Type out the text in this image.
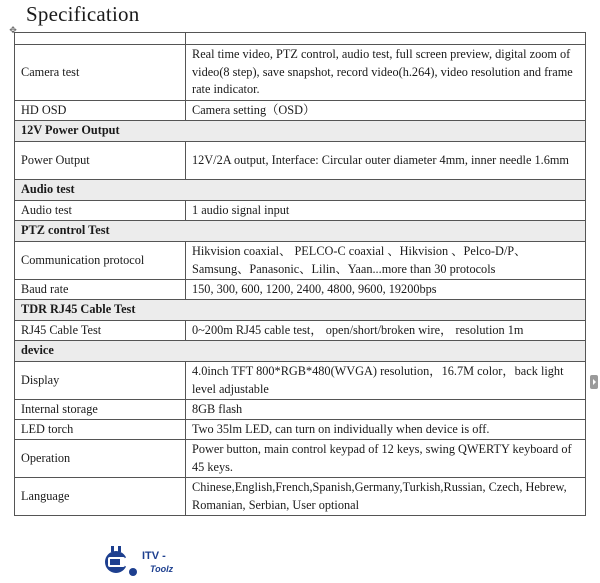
Specification
✥

Camera test	Real time video, PTZ control, audio test, full screen preview, digital zoom of video(8 step), save snapshot, record video(h.264), video resolution and frame rate indicator.
HD OSD	Camera setting（OSD）
12V Power Output	
Power Output	12V/2A output, Interface: Circular outer diameter 4mm, inner needle 1.6mm
Audio test	
Audio test	1 audio signal input
PTZ control Test	
Communication protocol	Hikvision coaxial、 PELCO-C coaxial 、Hikvision 、Pelco-D/P、 Samsung、Panasonic、Lilin、Yaan...more than 30 protocols
Baud rate	150, 300, 600, 1200, 2400, 4800, 9600, 19200bps
TDR RJ45 Cable Test	
RJ45 Cable Test	0~200m RJ45 cable test， open/short/broken wire， resolution 1m
device	
Display	4.0inch TFT 800*RGB*480(WVGA) resolution，16.7M color，back light level adjustable
Internal storage	8GB flash
LED torch	Two 35lm LED, can turn on individually when device is off.
Operation	Power button, main control keypad of 12 keys, swing QWERTY keyboard of 45 keys.
Language	Chinese,English,French,Spanish,Germany,Turkish,Russian, Czech, Hebrew, Romanian, Serbian, User optional
ITV -
Toolz
